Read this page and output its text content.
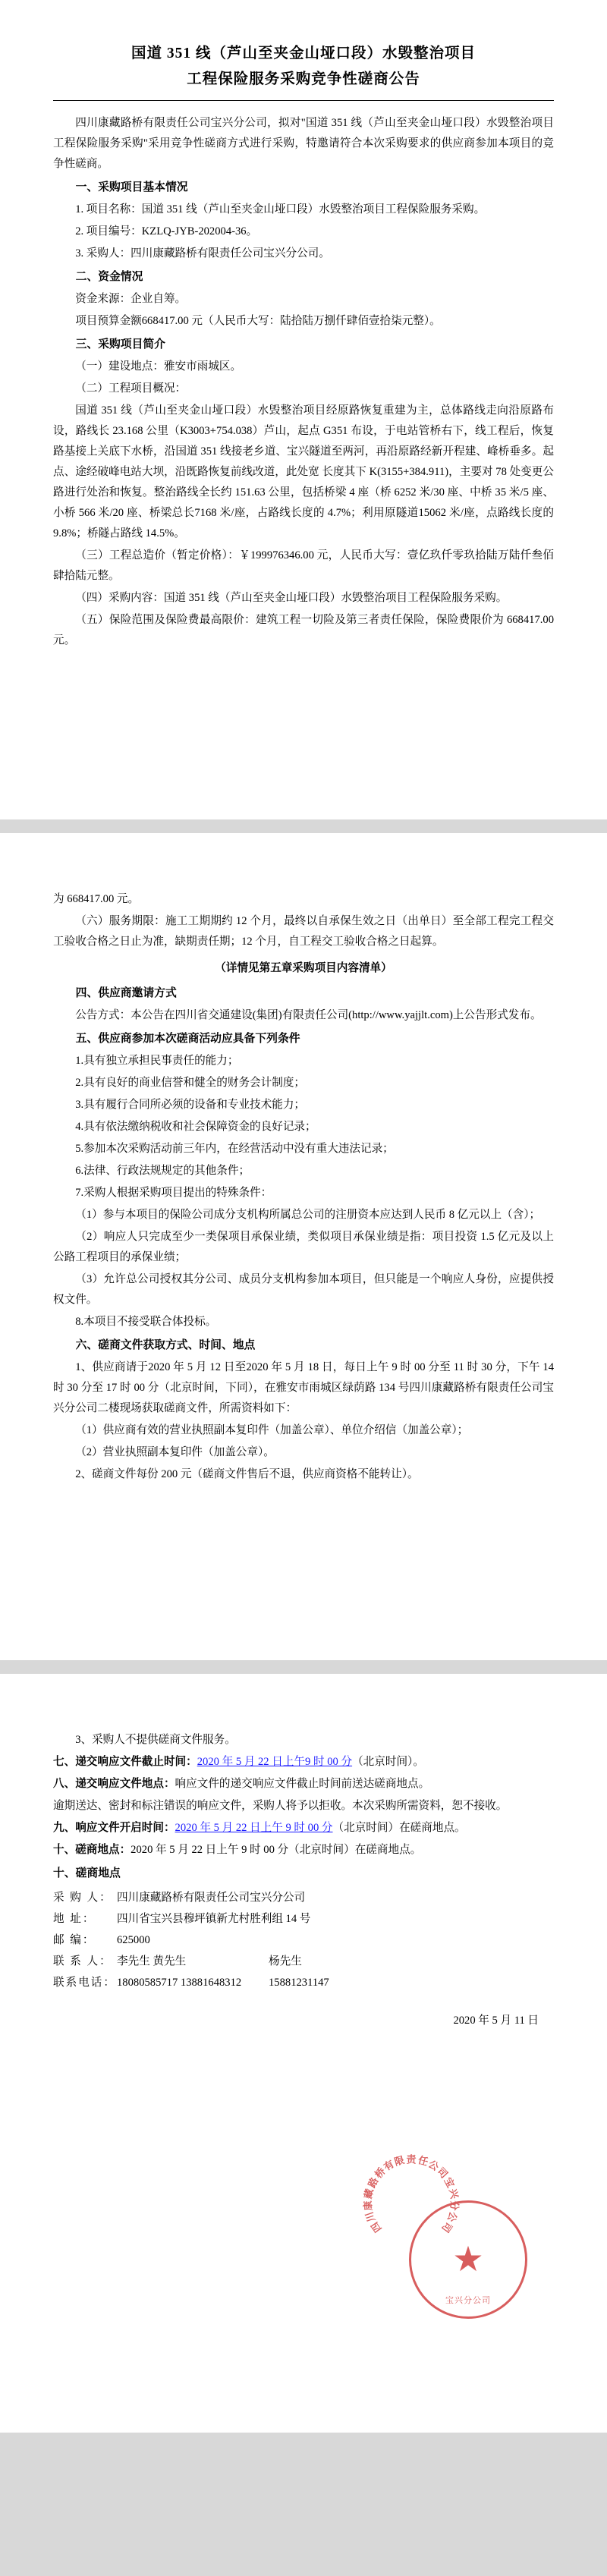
国道 351 线（芦山至夹金山垭口段）水毁整治项目
工程保险服务采购竞争性磋商公告

四川康藏路桥有限责任公司宝兴分公司，拟对"国道 351 线（芦山至夹金山垭口段）水毁整治项目工程保险服务采购"采用竞争性磋商方式进行采购，特邀请符合本次采购要求的供应商参加本项目的竞争性磋商。

一、采购项目基本情况

1. 项目名称：国道 351 线（芦山至夹金山垭口段）水毁整治项目工程保险服务采购。

2. 项目编号：KZLQ-JYB-202004-36。

3. 采购人：四川康藏路桥有限责任公司宝兴分公司。

二、资金情况

资金来源：企业自筹。

项目预算金额668417.00 元（人民币大写：陆拾陆万捌仟肆佰壹拾柒元整）。

三、采购项目简介

（一）建设地点：雅安市雨城区。

（二）工程项目概况：

国道 351 线（芦山至夹金山垭口段）水毁整治项目经原路恢复重建为主，总体路线走向沿原路布设，路线长 23.168 公里（K3003+754.038）芦山，起点 G351 布设，于电站管桥右下，线工程后，恢复路基接上关底下水桥，沿国道 351 线接老乡道、宝兴隧道至两河，再沿原路经新开程建、峰桥垂多。起点、途经破峰电站大坝，沿既路恢复前线改道，此处宽 长度其下 K(3155+384.911)，主要对 78 处变更公路进行处治和恢复。整治路线全长约 151.63 公里，包括桥梁 4 座（桥 6252 米/30 座、中桥 35 米/5 座、小桥 566 米/20 座、桥梁总长7168 米/座，占路线长度的 4.7%；利用原隧道15062 米/座，点路线长度的 9.8%；桥隧占路线 14.5%。

（三）工程总造价（暂定价格）：￥199976346.00 元，人民币大写：壹亿玖仟零玖拾陆万陆仟叁佰肆拾陆元整。

（四）采购内容：国道 351 线（芦山至夹金山垭口段）水毁整治项目工程保险服务采购。

（五）保险范围及保险费最高限价：建筑工程一切险及第三者责任保险，保险费限价为 668417.00 元。

为 668417.00 元。

（六）服务期限：施工工期期约 12 个月，最终以自承保生效之日（出单日）至全部工程完工程交工验收合格之日止为准，缺期责任期；12 个月，自工程交工验收合格之日起算。

（详情见第五章采购项目内容清单）

四、供应商邀请方式

公告方式：本公告在四川省交通建设(集团)有限责任公司(http://www.yajjlt.com)上公告形式发布。

五、供应商参加本次磋商活动应具备下列条件

1.具有独立承担民事责任的能力；

2.具有良好的商业信誉和健全的财务会计制度；

3.具有履行合同所必须的设备和专业技术能力；

4.具有依法缴纳税收和社会保障资金的良好记录；

5.参加本次采购活动前三年内，在经营活动中没有重大违法记录；

6.法律、行政法规规定的其他条件；

7.采购人根据采购项目提出的特殊条件：

（1）参与本项目的保险公司成分支机构所属总公司的注册资本应达到人民币 8 亿元以上（含）；

（2）响应人只完成至少一类保项目承保业绩，类似项目承保业绩是指：项目投资 1.5 亿元及以上公路工程项目的承保业绩；

（3）允许总公司授权其分公司、成员分支机构参加本项目，但只能是一个响应人身份，应提供授权文件。

8.本项目不接受联合体投标。

六、磋商文件获取方式、时间、地点

1、供应商请于2020 年 5 月 12 日至2020 年 5 月 18 日，每日上午 9 时 00 分至 11 时 30 分，下午 14 时 30 分至 17 时 00 分（北京时间，下同），在雅安市雨城区绿荫路 134 号四川康藏路桥有限责任公司宝兴分公司二楼现场获取磋商文件，所需资料如下：

（1）供应商有效的营业执照副本复印件（加盖公章）、单位介绍信（加盖公章）；

（2）营业执照副本复印件（加盖公章）。

2、磋商文件每份 200 元（磋商文件售后不退，供应商资格不能转让）。

3、采购人不提供磋商文件服务。

七、递交响应文件截止时间：2020 年 5 月 22 日上午9 时 00 分（北京时间）。

八、递交响应文件地点：响应文件的递交响应文件截止时间前送达磋商地点。

逾期送达、密封和标注错误的响应文件，采购人将予以拒收。本次采购所需资料，恕不接收。

九、响应文件开启时间：2020 年 5 月 22 日上午 9 时 00 分（北京时间）在磋商地点。

十、磋商地点：2020 年 5 月 22 日上午 9 时 00 分（北京时间）在磋商地点。

十、磋商地点

采 购 人： 四川康藏路桥有限责任公司宝兴分公司
地 址：	四川省宝兴县穆坪镇新尤村胜利组 14 号
邮 编：	625000
联 系 人： 李先生 黄先生	杨先生
联系电话： 18080585717 13881648312	15881231147
2020 年 5 月 11 日
★
宝兴分公司
四
川
康
藏
路
桥
有
限 责 任
公
司
宝
兴
分
公
司
